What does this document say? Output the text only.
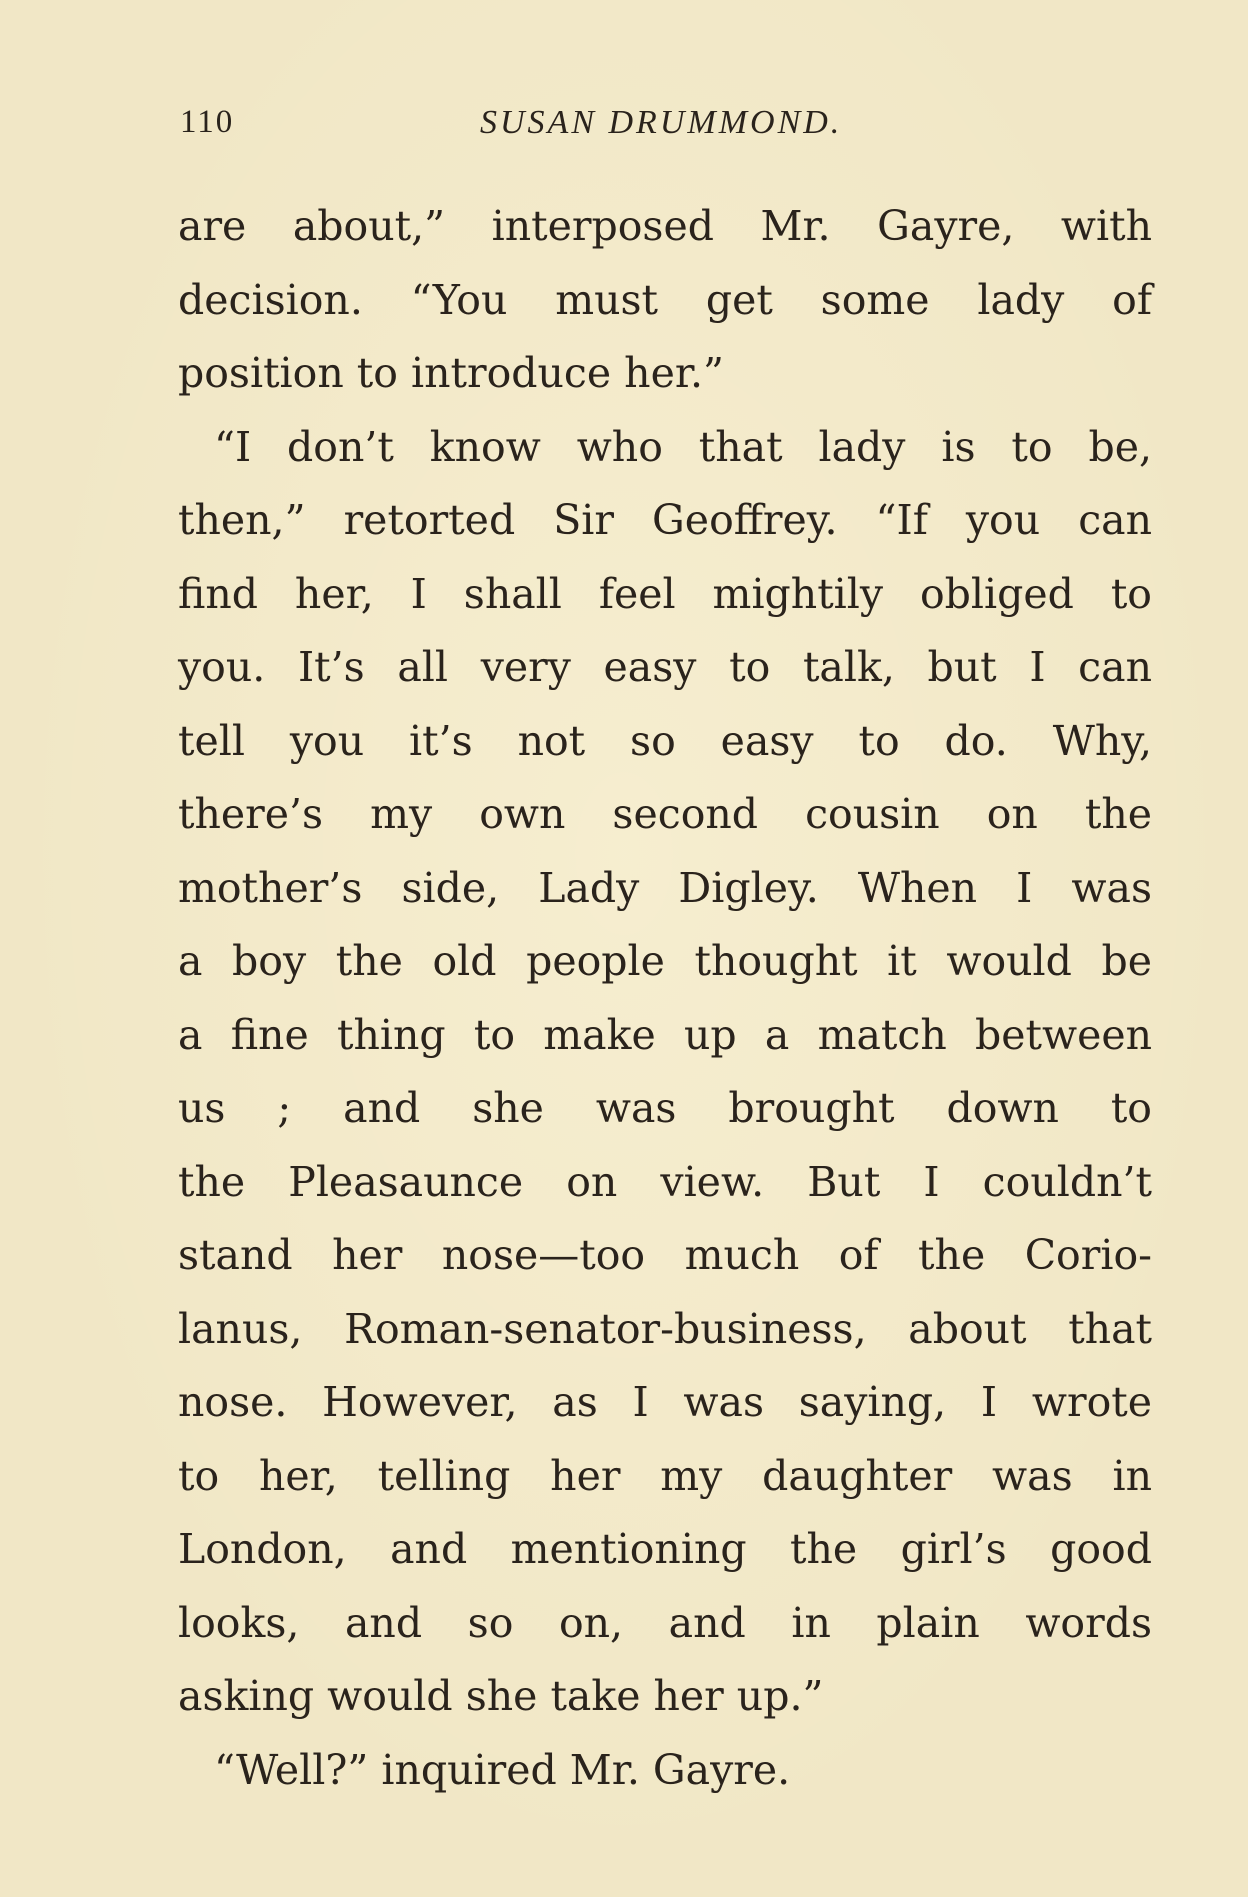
110	SUSAN DRUMMOND.
are about,” interposed Mr. Gayre, with
decision. “You must get some lady of
position to introduce her.”
“I don’t know who that lady is to be,
then,” retorted Sir Geoffrey. “If you can
find her, I shall feel mightily obliged to
you. It’s all very easy to talk, but I can
tell you it’s not so easy to do. Why,
there’s my own second cousin on the
mother’s side, Lady Digley. When I was
a boy the old people thought it would be
a fine thing to make up a match between
us ; and she was brought down to
the Pleasaunce on view. But I couldn’t
stand her nose—too much of the Corio-
lanus, Roman-senator-business, about that
nose. However, as I was saying, I wrote
to her, telling her my daughter was in
London, and mentioning the girl’s good
looks, and so on, and in plain words
asking would she take her up.”
“Well?” inquired Mr. Gayre.
